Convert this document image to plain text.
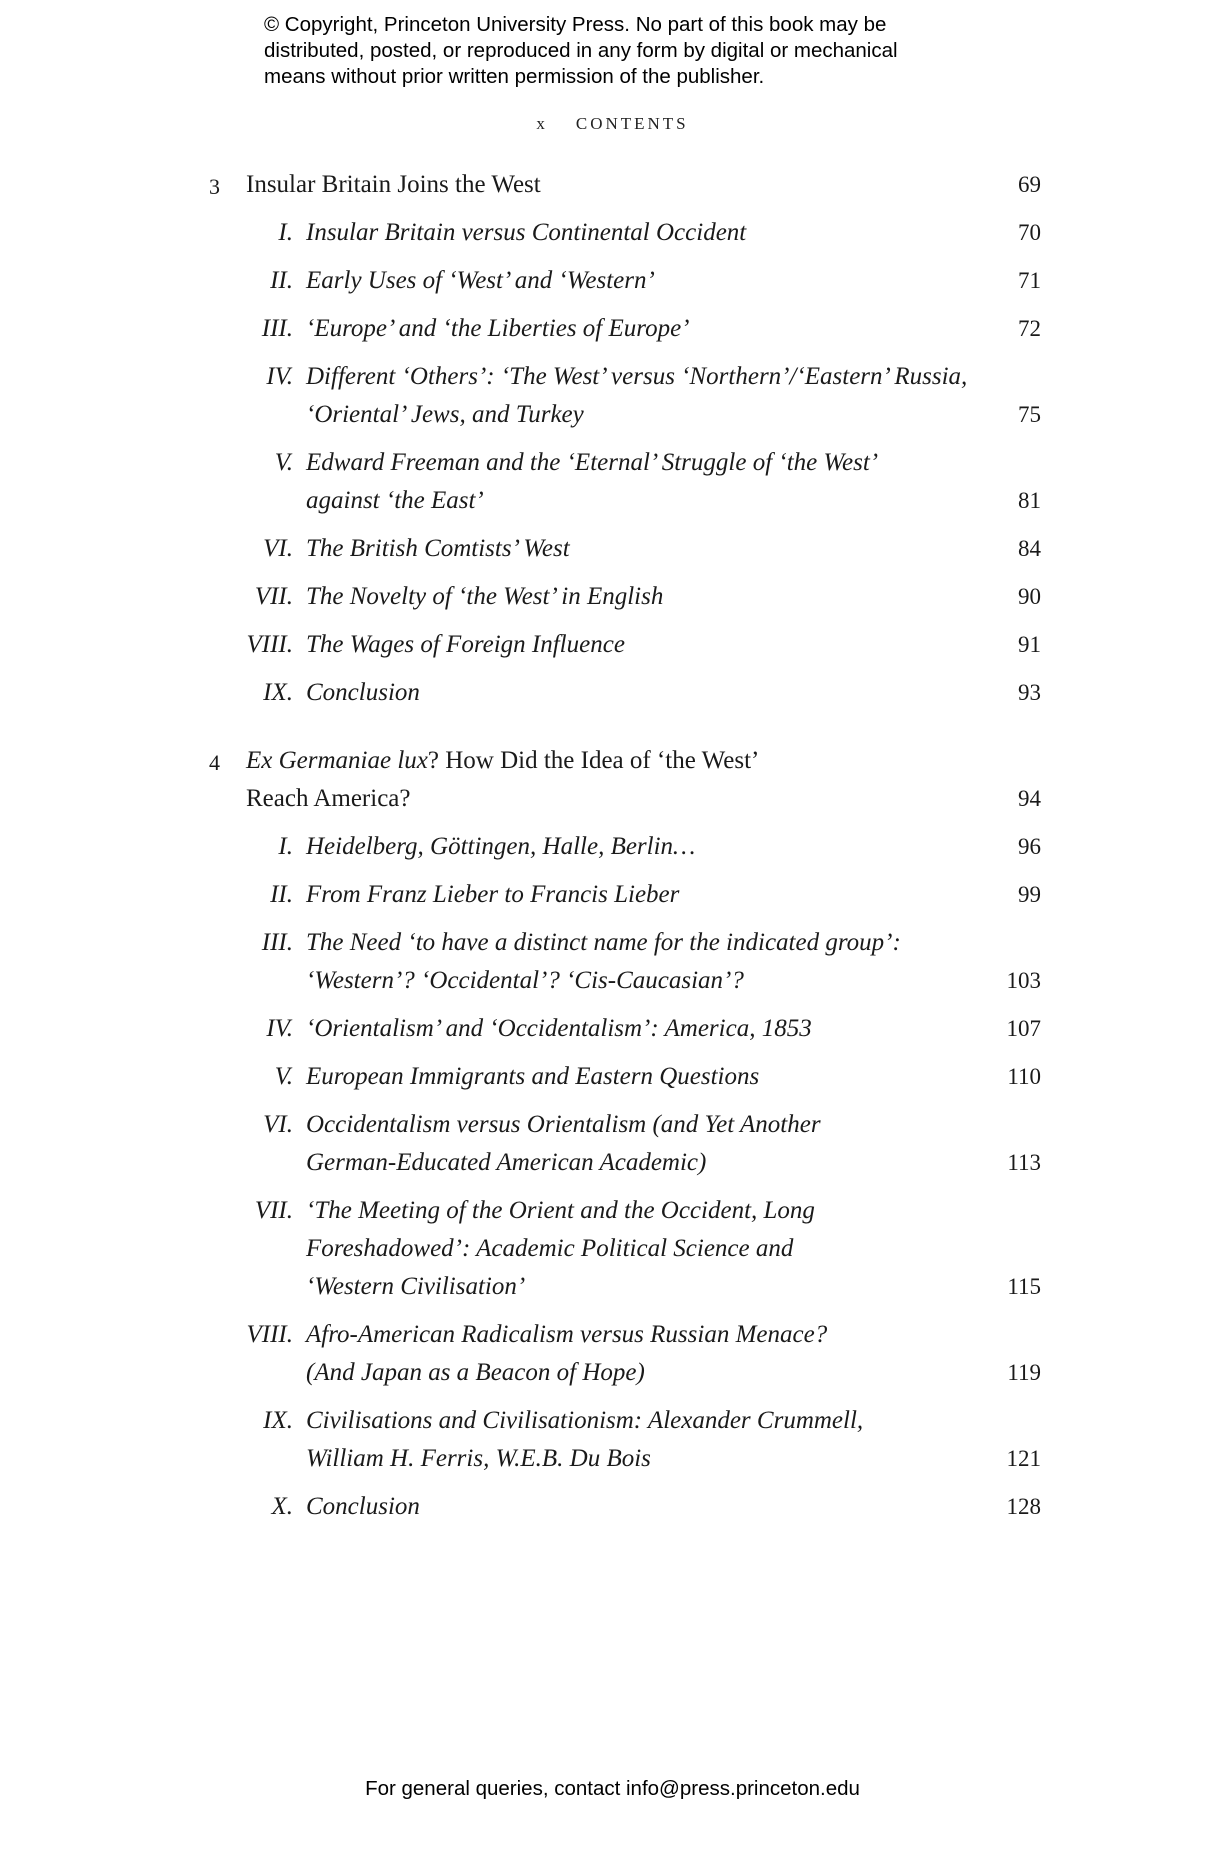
© Copyright, Princeton University Press. No part of this book may be
distributed, posted, or reproduced in any form by digital or mechanical
means without prior written permission of the publisher.
x CONTENTS
3 Insular Britain Joins the West	69
I. Insular Britain versus Continental Occident	70
II. Early Uses of ‘West’ and ‘Western’	71
III. ‘Europe’ and ‘the Liberties of Europe’	72
IV. Different ‘Others’: ‘The West’ versus ‘Northern’/‘Eastern’ Russia,
‘Oriental’ Jews, and Turkey	75
V. Edward Freeman and the ‘Eternal’ Struggle of ‘the West’
against ‘the East’	81
VI. The British Comtists’ West	84
VII. The Novelty of ‘the West’ in English	90
VIII. The Wages of Foreign Influence	91
IX. Conclusion	93
4 Ex Germaniae lux? How Did the Idea of ‘the West’
Reach America?	94
I. Heidelberg, Göttingen, Halle, Berlin…	96
II. From Franz Lieber to Francis Lieber	99
III. The Need ‘to have a distinct name for the indicated group’:
‘Western’? ‘Occidental’? ‘Cis-Caucasian’?	103
IV. ‘Orientalism’ and ‘Occidentalism’: America, 1853	107
V. European Immigrants and Eastern Questions	110
VI. Occidentalism versus Orientalism (and Yet Another
German-Educated American Academic)	113
VII. ‘The Meeting of the Orient and the Occident, Long
Foreshadowed’: Academic Political Science and
‘Western Civilisation’	115
VIII. Afro-American Radicalism versus Russian Menace?
(And Japan as a Beacon of Hope)	119
IX. Civilisations and Civilisationism: Alexander Crummell,
William H. Ferris, W.E.B. Du Bois	121
X. Conclusion	128
For general queries, contact info@press.princeton.edu
